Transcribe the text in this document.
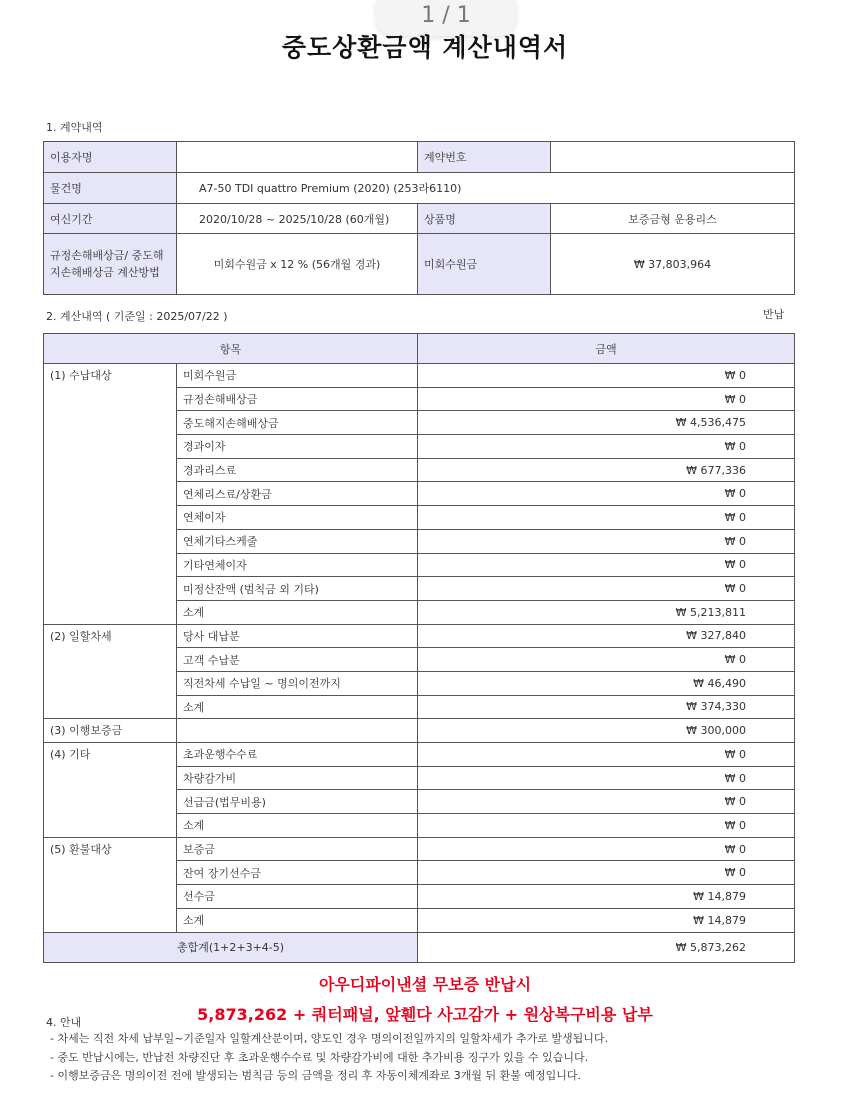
1 / 1
중도상환금액 계산내역서
1. 계약내역
이용자명		계약번호	
물건명	A7-50 TDI quattro Premium (2020) (253라6110)		
여신기간	2020/10/28 ~ 2025/10/28 (60개월)	상품명	보증금형 운용리스
규정손해배상금/ 중도해지손해배상금 계산방법	미회수원금 x 12 % (56개월 경과)	미회수원금	₩ 37,803,964
2. 계산내역 ( 기준일 : 2025/07/22 )	반납
항목		금액
(1) 수납대상	미회수원금	₩ 0
	규정손해배상금	₩ 0
	중도해지손해배상금	₩ 4,536,475
	경과이자	₩ 0
	경과리스료	₩ 677,336
	연체리스료/상환금	₩ 0
	연체이자	₩ 0
	연체기타스케줄	₩ 0
	기타연체이자	₩ 0
	미정산잔액 (범칙금 외 기타)	₩ 0
	소계	₩ 5,213,811
(2) 일할차세	당사 대납분	₩ 327,840
	고객 수납분	₩ 0
	직전차세 수납일 ~ 명의이전까지	₩ 46,490
	소계	₩ 374,330
(3) 이행보증금		₩ 300,000
(4) 기타	초과운행수수료	₩ 0
	차량감가비	₩ 0
	선급금(법무비용)	₩ 0
	소계	₩ 0
(5) 환불대상	보증금	₩ 0
	잔여 장기선수금	₩ 0
	선수금	₩ 14,879
	소계	₩ 14,879
총합계(1+2+3+4-5)		₩ 5,873,262
아우디파이낸셜 무보증 반납시
5,873,262 + 쿼터패널, 앞휀다 사고감가 + 원상복구비용 납부
4. 안내
- 차세는 직전 차세 납부일~기준일자 일할계산분이며, 양도인 경우 명의이전일까지의 일할차세가 추가로 발생됩니다.
- 중도 반납시에는, 반납전 차량진단 후 초과운행수수료 및 차량감가비에 대한 추가비용 징구가 있을 수 있습니다.
- 이행보증금은 명의이전 전에 발생되는 범칙금 등의 금액을 정리 후 자동이체계좌로 3개월 뒤 환불 예정입니다.
